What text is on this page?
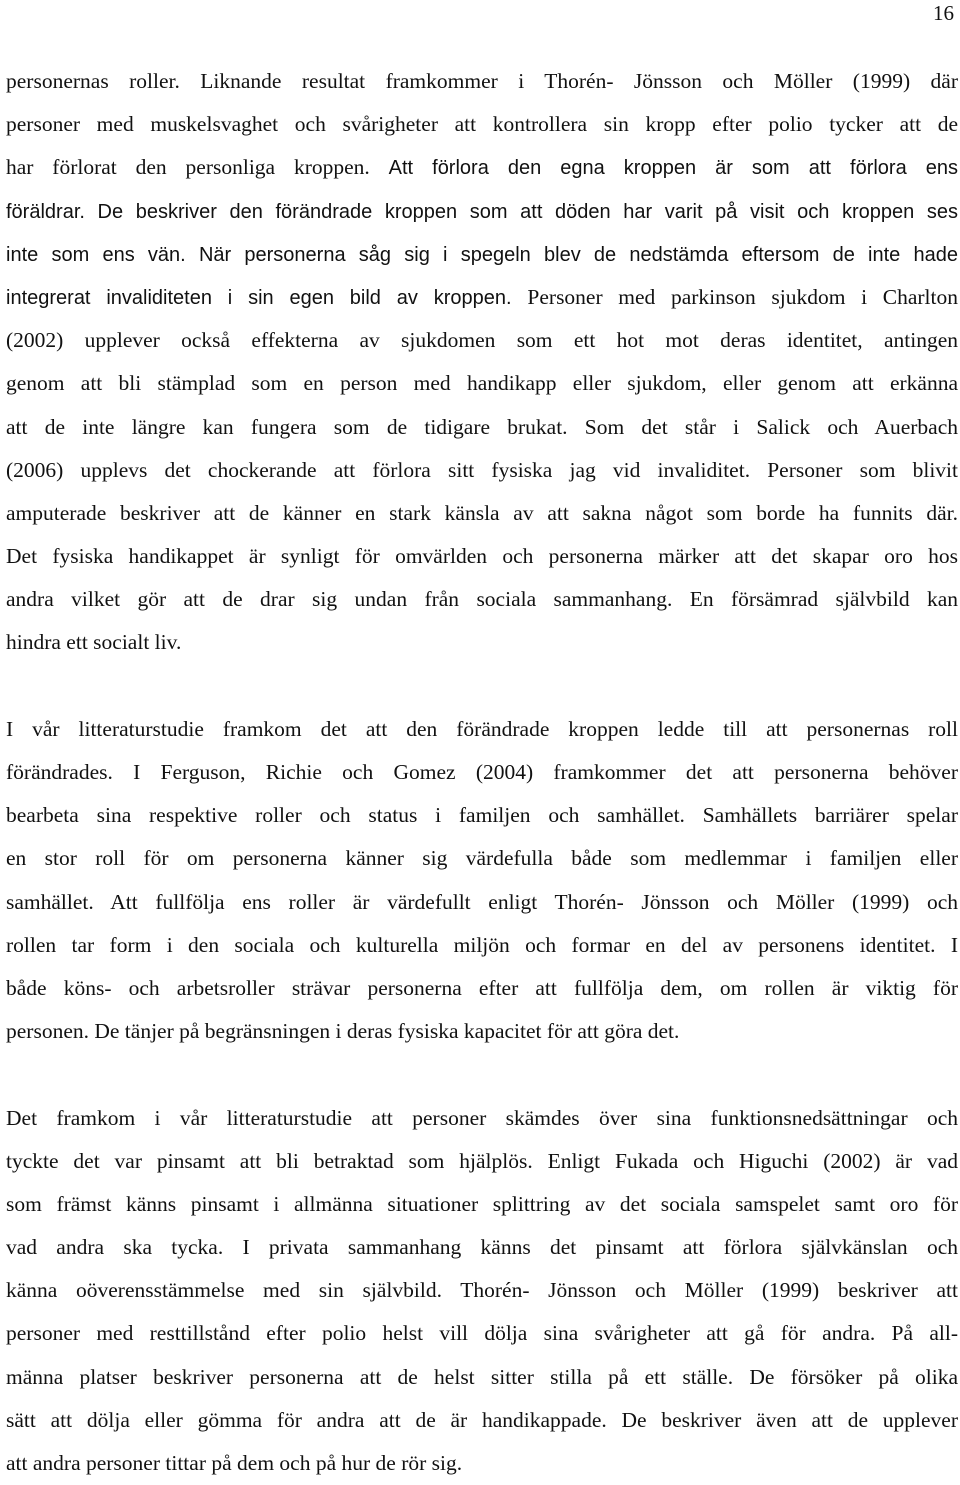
16
personernas roller. Liknande resultat framkommer i Thorén- Jönsson och Möller (1999) där
personer med muskelsvaghet och svårigheter att kontrollera sin kropp efter polio tycker att de
har förlorat den personliga kroppen. Att förlora den egna kroppen är som att förlora ens
föräldrar. De beskriver den förändrade kroppen som att döden har varit på visit och kroppen ses
inte som ens vän. När personerna såg sig i spegeln blev de nedstämda eftersom de inte hade
integrerat invaliditeten i sin egen bild av kroppen. Personer med parkinson sjukdom i Charlton
(2002) upplever också effekterna av sjukdomen som ett hot mot deras identitet, antingen
genom att bli stämplad som en person med handikapp eller sjukdom, eller genom att erkänna
att de inte längre kan fungera som de tidigare brukat. Som det står i Salick och Auerbach
(2006) upplevs det chockerande att förlora sitt fysiska jag vid invaliditet. Personer som blivit
amputerade beskriver att de känner en stark känsla av att sakna något som borde ha funnits där.
Det fysiska handikappet är synligt för omvärlden och personerna märker att det skapar oro hos
andra vilket gör att de drar sig undan från sociala sammanhang. En försämrad självbild kan
hindra ett socialt liv.
I vår litteraturstudie framkom det att den förändrade kroppen ledde till att personernas roll
förändrades. I Ferguson, Richie och Gomez (2004) framkommer det att personerna behöver
bearbeta sina respektive roller och status i familjen och samhället. Samhällets barriärer spelar
en stor roll för om personerna känner sig värdefulla både som medlemmar i familjen eller
samhället. Att fullfölja ens roller är värdefullt enligt Thorén- Jönsson och Möller (1999) och
rollen tar form i den sociala och kulturella miljön och formar en del av personens identitet. I
både köns- och arbetsroller strävar personerna efter att fullfölja dem, om rollen är viktig för
personen. De tänjer på begränsningen i deras fysiska kapacitet för att göra det.
Det framkom i vår litteraturstudie att personer skämdes över sina funktionsnedsättningar och
tyckte det var pinsamt att bli betraktad som hjälplös. Enligt Fukada och Higuchi (2002) är vad
som främst känns pinsamt i allmänna situationer splittring av det sociala samspelet samt oro för
vad andra ska tycka. I privata sammanhang känns det pinsamt att förlora självkänslan och
känna oöverensstämmelse med sin självbild. Thorén- Jönsson och Möller (1999) beskriver att
personer med resttillstånd efter polio helst vill dölja sina svårigheter att gå för andra. På all-
männa platser beskriver personerna att de helst sitter stilla på ett ställe. De försöker på olika
sätt att dölja eller gömma för andra att de är handikappade. De beskriver även att de upplever
att andra personer tittar på dem och på hur de rör sig.
